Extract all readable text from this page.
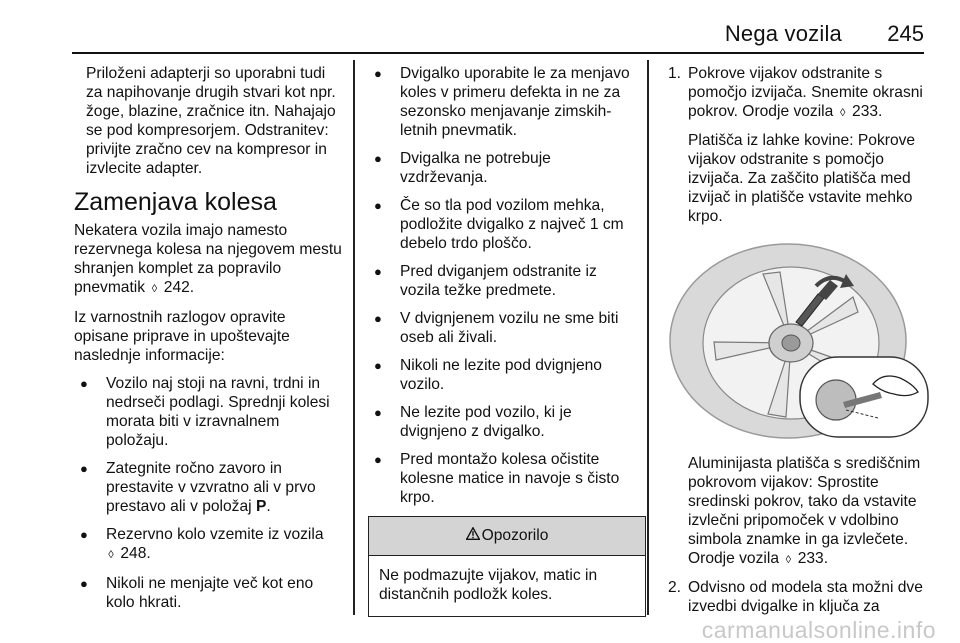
Nega vozila 245

Priloženi adapterji so uporabni tudi za napihovanje drugih stvari kot npr. žoge, blazine, zračnice itn. Nahajajo se pod kompresorjem. Odstranitev: privijte zračno cev na kompresor in izvlecite adapter.

Zamenjava kolesa

Nekatera vozila imajo namesto rezervnega kolesa na njegovem mestu shranjen komplet za popravilo pnevmatik ◊ 242.

Iz varnostnih razlogov opravite opisane priprave in upoštevajte naslednje informacije:

● Vozilo naj stoji na ravni, trdni in nedrseči podlagi. Sprednji kolesi morata biti v izravnalnem položaju.
● Zategnite ročno zavoro in prestavite v vzvratno ali v prvo prestavo ali v položaj P.
● Rezervno kolo vzemite iz vozila
◊ 248.
● Nikoli ne menjajte več kot eno kolo hkrati.
● Dvigalko uporabite le za menjavo koles v primeru defekta in ne za sezonsko menjavanje zimskih- letnih pnevmatik.
● Dvigalka ne potrebuje vzdrževanja.
● Če so tla pod vozilom mehka, podložite dvigalko z največ 1 cm debelo trdo ploščo.
● Pred dviganjem odstranite iz vozila težke predmete.
● V dvignjenem vozilu ne sme biti oseb ali živali.
● Nikoli ne lezite pod dvignjeno vozilo.
● Ne lezite pod vozilo, ki je dvignjeno z dvigalko.
● Pred montažo kolesa očistite kolesne matice in navoje s čisto krpo.
Opozorilo
Ne podmazujte vijakov, matic in distančnih podložk koles.
1. Pokrove vijakov odstranite s pomočjo izvijača. Snemite okrasni pokrov. Orodje vozila ◊ 233.

Platišča iz lahke kovine: Pokrove vijakov odstranite s pomočjo izvijača. Za zaščito platišča med izvijač in platišče vstavite mehko krpo.

Aluminijasta platišča s središčnim pokrovom vijakov: Sprostite sredinski pokrov, tako da vstavite izvlečni pripomoček v vdolbino simbola znamke in ga izvlečete. Orodje vozila ◊ 233.

2. Odvisno od modela sta možni dve izvedbi dvigalke in ključa za

carmanualsonline.info
